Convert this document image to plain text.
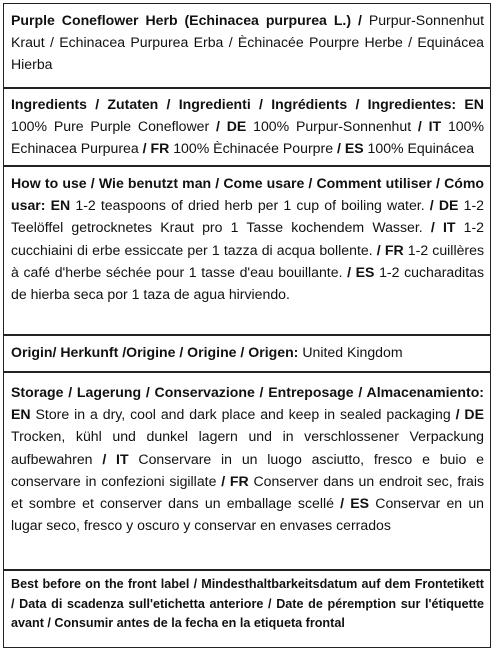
Purple Coneflower Herb (Echinacea purpurea L.) / Purpur-Sonnenhut Kraut / Echinacea Purpurea Erba / Èchinacée Pourpre Herbe / Equinácea Hierba
Ingredients / Zutaten / Ingredienti / Ingrédients / Ingredientes: EN 100% Pure Purple Coneflower / DE 100% Purpur-Sonnenhut / IT 100% Echinacea Purpurea / FR 100% Èchinacée Pourpre / ES 100% Equinácea
How to use / Wie benutzt man / Come usare / Comment utiliser / Cómo usar: EN 1-2 teaspoons of dried herb per 1 cup of boiling water. / DE 1-2 Teelöffel getrocknetes Kraut pro 1 Tasse kochendem Wasser. / IT 1-2 cucchiaini di erbe essiccate per 1 tazza di acqua bollente. / FR 1-2 cuillères à café d'herbe séchée pour 1 tasse d'eau bouillante. / ES 1-2 cucharaditas de hierba seca por 1 taza de agua hirviendo.
Origin/ Herkunft /Origine / Origine / Origen: United Kingdom
Storage / Lagerung / Conservazione / Entreposage / Almacenamiento: EN Store in a dry, cool and dark place and keep in sealed packaging / DE Trocken, kühl und dunkel lagern und in verschlossener Verpackung aufbewahren / IT Conservare in un luogo asciutto, fresco e buio e conservare in confezioni sigillate / FR Conserver dans un endroit sec, frais et sombre et conserver dans un emballage scellé / ES Conservar en un lugar seco, fresco y oscuro y conservar en envases cerrados
Best before on the front label / Mindesthaltbarkeitsdatum auf dem Frontetikett / Data di scadenza sull'etichetta anteriore / Date de péremption sur l'étiquette avant / Consumir antes de la fecha en la etiqueta frontal
